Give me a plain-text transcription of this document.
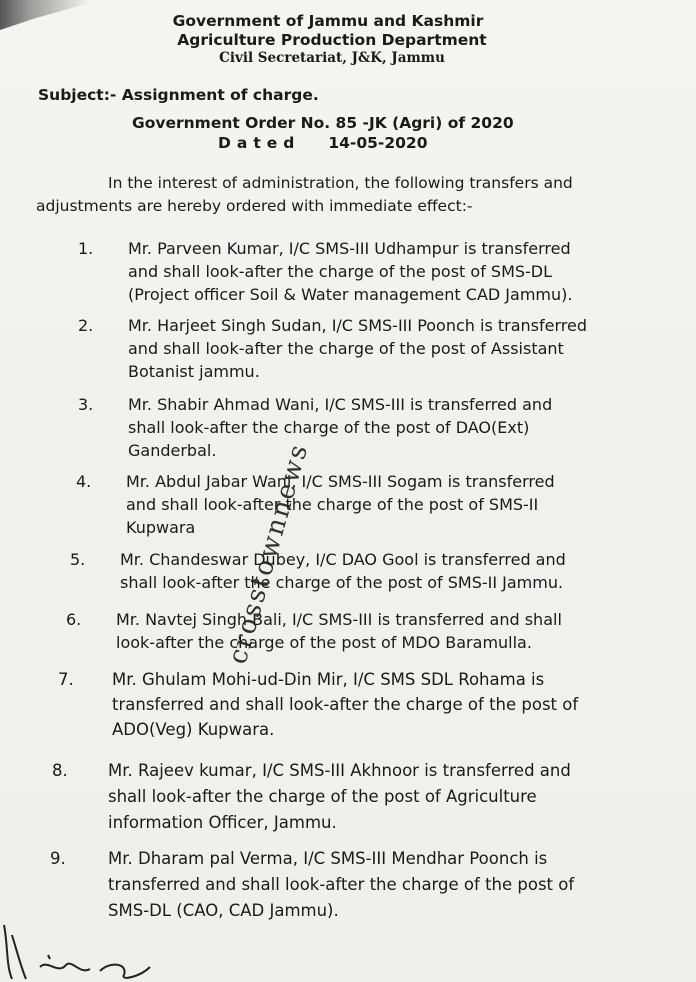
Government of Jammu and Kashmir
Agriculture Production Department
Civil Secretariat, J&K, Jammu
Subject:- Assignment of charge.
Government Order No. 85 -JK (Agri) of 2020
Dated 14-05-2020
In the interest of administration, the following transfers and
adjustments are hereby ordered with immediate effect:-
1. Mr. Parveen Kumar, I/C SMS-III Udhampur is transferred
and shall look-after the charge of the post of SMS-DL
(Project officer Soil & Water management CAD Jammu).
2. Mr. Harjeet Singh Sudan, I/C SMS-III Poonch is transferred
and shall look-after the charge of the post of Assistant
Botanist jammu.
3. Mr. Shabir Ahmad Wani, I/C SMS-III is transferred and
shall look-after the charge of the post of DAO(Ext)
Ganderbal.
4. Mr. Abdul Jabar Wani, I/C SMS-III Sogam is transferred
and shall look-after the charge of the post of SMS-II
Kupwara
5. Mr. Chandeswar Dubey, I/C DAO Gool is transferred and
shall look-after the charge of the post of SMS-II Jammu.
6. Mr. Navtej Singh Bali, I/C SMS-III is transferred and shall
look-after the charge of the post of MDO Baramulla.
7. Mr. Ghulam Mohi-ud-Din Mir, I/C SMS SDL Rohama is
transferred and shall look-after the charge of the post of
ADO(Veg) Kupwara.
8. Mr. Rajeev kumar, I/C SMS-III Akhnoor is transferred and
shall look-after the charge of the post of Agriculture
information Officer, Jammu.
9.	Mr. Dharam pal Verma, I/C SMS-III Mendhar Poonch is
transferred and shall look-after the charge of the post of
SMS-DL (CAO, CAD Jammu).
crosstownnews
